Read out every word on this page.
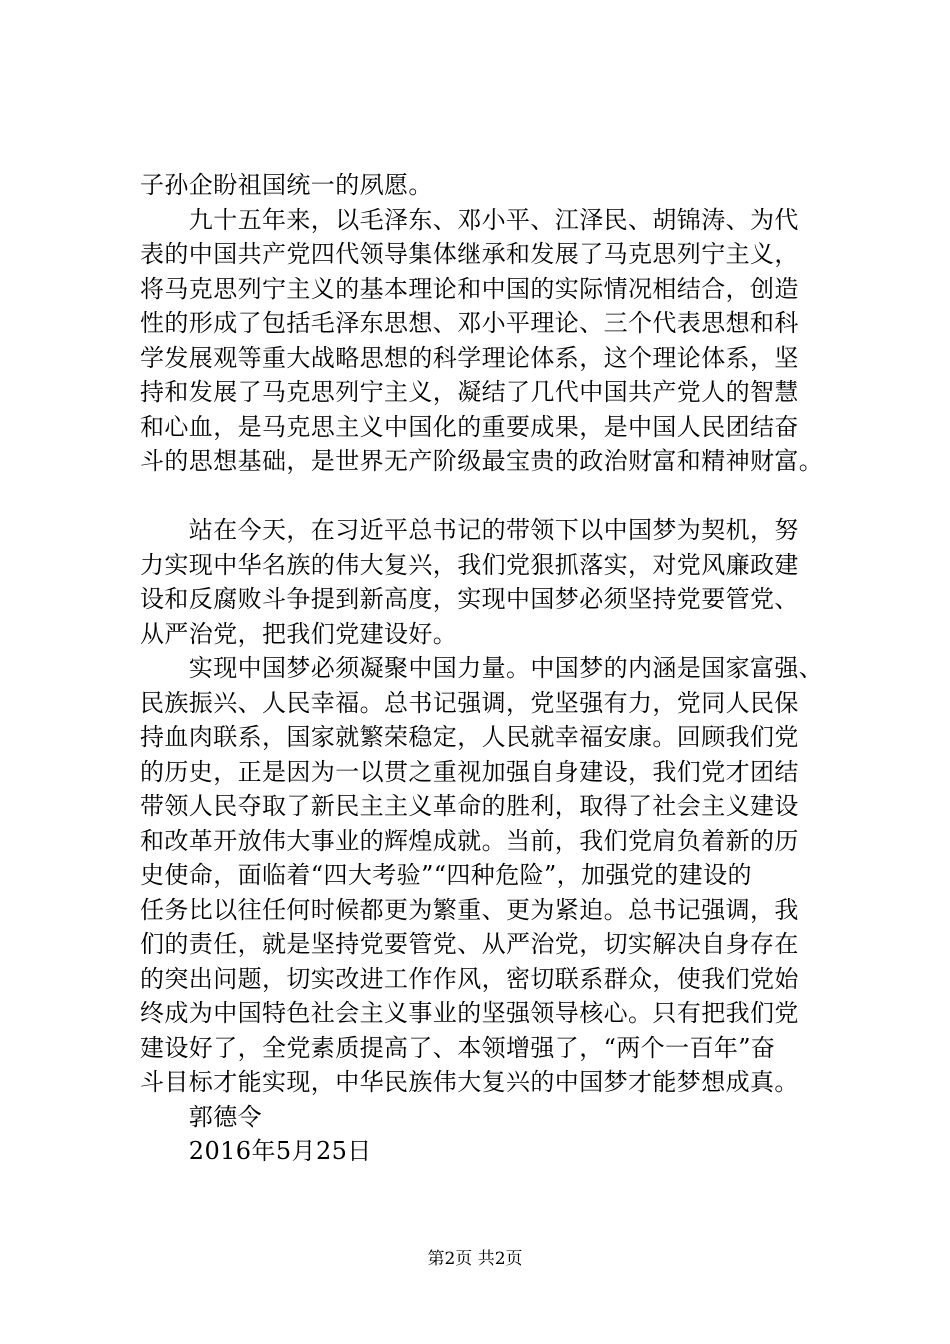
子孙企盼祖国统一的夙愿。
　　九十五年来，以毛泽东、邓小平、江泽民、胡锦涛、为代
表的中国共产党四代领导集体继承和发展了马克思列宁主义，
将马克思列宁主义的基本理论和中国的实际情况相结合，创造
性的形成了包括毛泽东思想、邓小平理论、三个代表思想和科
学发展观等重大战略思想的科学理论体系，这个理论体系，坚
持和发展了马克思列宁主义，凝结了几代中国共产党人的智慧
和心血，是马克思主义中国化的重要成果，是中国人民团结奋
斗的思想基础，是世界无产阶级最宝贵的政治财富和精神财富。
　　站在今天，在习近平总书记的带领下以中国梦为契机，努
力实现中华名族的伟大复兴，我们党狠抓落实，对党风廉政建
设和反腐败斗争提到新高度，实现中国梦必须坚持党要管党、
从严治党，把我们党建设好。
　　实现中国梦必须凝聚中国力量。中国梦的内涵是国家富强、
民族振兴、人民幸福。总书记强调，党坚强有力，党同人民保
持血肉联系，国家就繁荣稳定，人民就幸福安康。回顾我们党
的历史，正是因为一以贯之重视加强自身建设，我们党才团结
带领人民夺取了新民主主义革命的胜利，取得了社会主义建设
和改革开放伟大事业的辉煌成就。当前，我们党肩负着新的历
史使命，面临着“四大考验”“四种危险”，加强党的建设的
任务比以往任何时候都更为繁重、更为紧迫。总书记强调，我
们的责任，就是坚持党要管党、从严治党，切实解决自身存在
的突出问题，切实改进工作作风，密切联系群众，使我们党始
终成为中国特色社会主义事业的坚强领导核心。只有把我们党
建设好了，全党素质提高了、本领增强了，“两个一百年”奋
斗目标才能实现，中华民族伟大复兴的中国梦才能梦想成真。
　　郭德令
　　2016年5月25日
第2页 共2页
